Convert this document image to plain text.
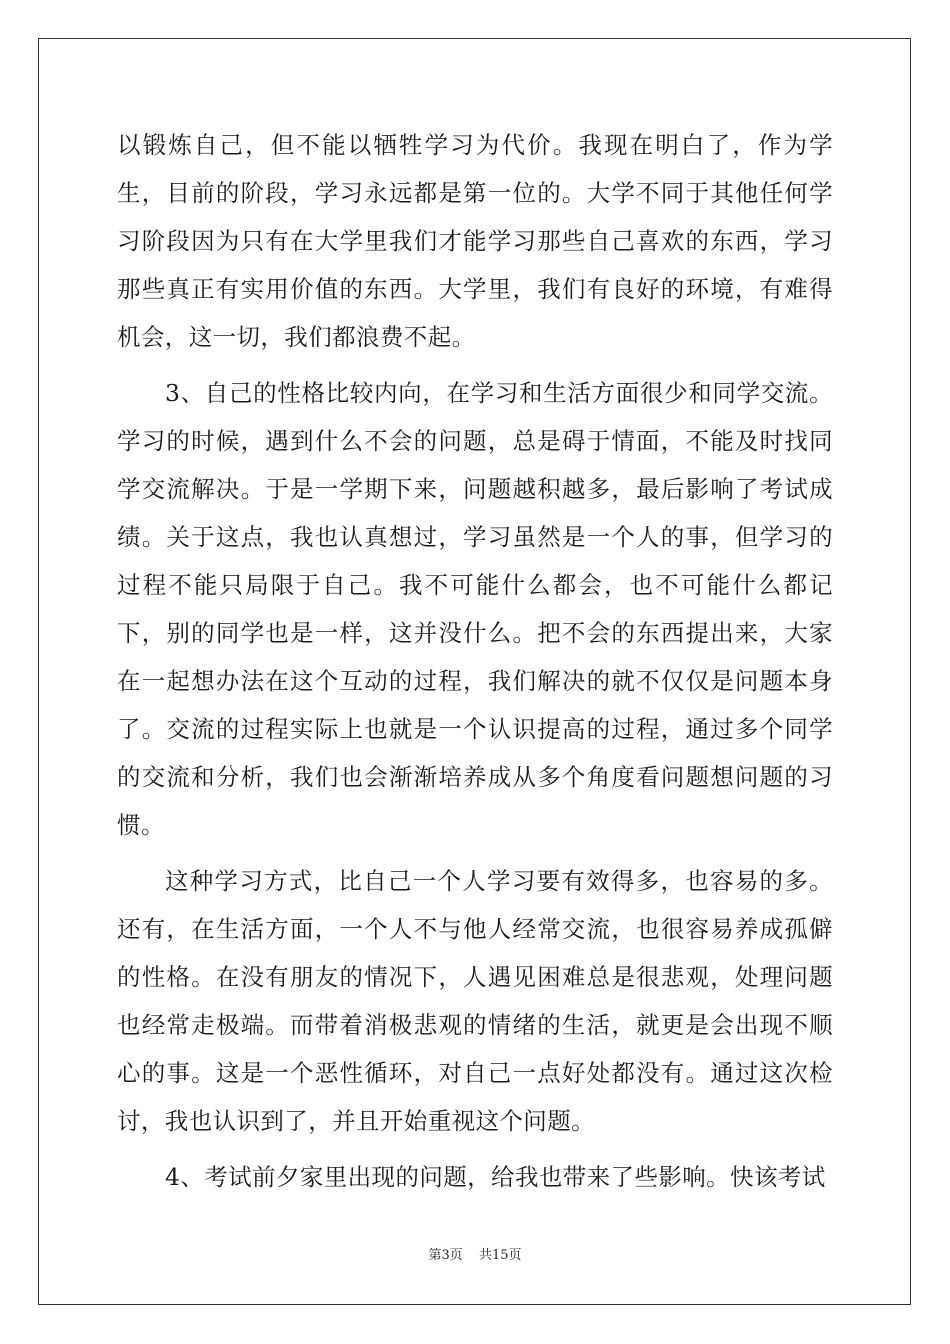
以锻炼自己，但不能以牺牲学习为代价。我现在明白了，作为学生，目前的阶段，学习永远都是第一位的。大学不同于其他任何学习阶段因为只有在大学里我们才能学习那些自己喜欢的东西，学习那些真正有实用价值的东西。大学里，我们有良好的环境，有难得机会，这一切，我们都浪费不起。

3、自己的性格比较内向，在学习和生活方面很少和同学交流。学习的时候，遇到什么不会的问题，总是碍于情面，不能及时找同学交流解决。于是一学期下来，问题越积越多，最后影响了考试成绩。关于这点，我也认真想过，学习虽然是一个人的事，但学习的过程不能只局限于自己。我不可能什么都会，也不可能什么都记下，别的同学也是一样，这并没什么。把不会的东西提出来，大家在一起想办法在这个互动的过程，我们解决的就不仅仅是问题本身了。交流的过程实际上也就是一个认识提高的过程，通过多个同学的交流和分析，我们也会渐渐培养成从多个角度看问题想问题的习惯。

这种学习方式，比自己一个人学习要有效得多，也容易的多。还有，在生活方面，一个人不与他人经常交流，也很容易养成孤僻的性格。在没有朋友的情况下，人遇见困难总是很悲观，处理问题也经常走极端。而带着消极悲观的情绪的生活，就更是会出现不顺心的事。这是一个恶性循环，对自己一点好处都没有。通过这次检讨，我也认识到了，并且开始重视这个问题。

4、考试前夕家里出现的问题，给我也带来了些影响。快该考试

第3页 共15页
